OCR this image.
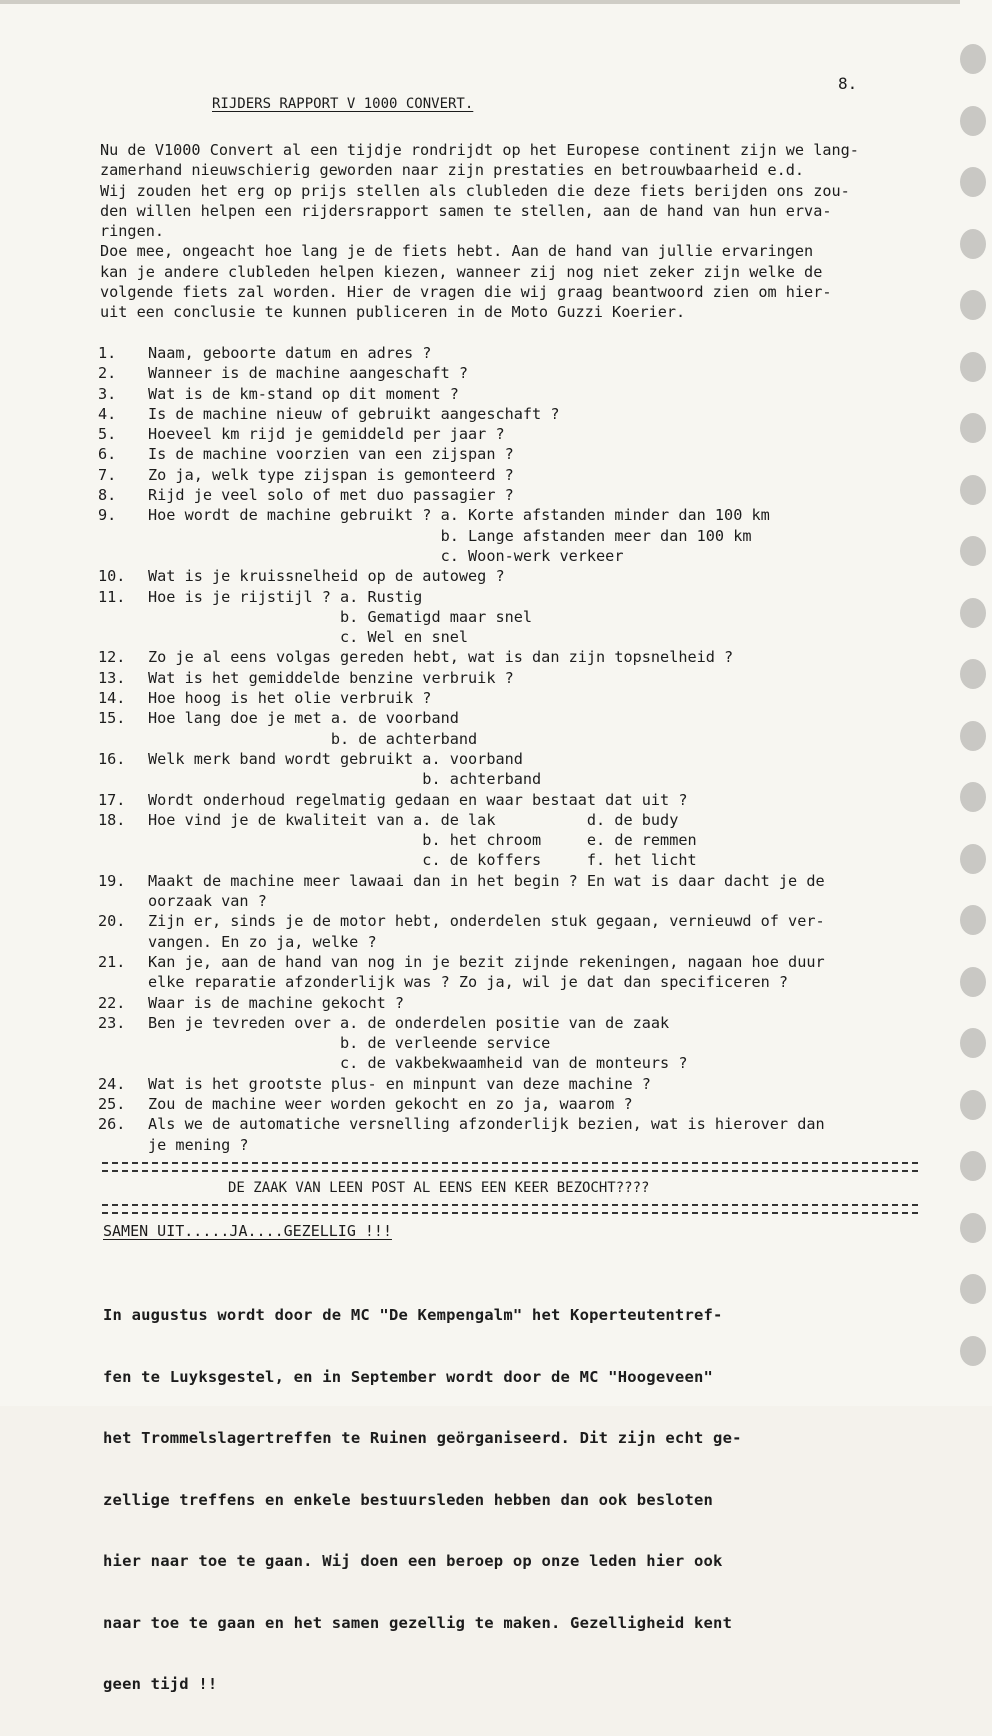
8.
RIJDERS RAPPORT V 1000 CONVERT.
Nu de V1000 Convert al een tijdje rondrijdt op het Europese continent zijn we lang-
zamerhand nieuwschierig geworden naar zijn prestaties en betrouwbaarheid e.d.
Wij zouden het erg op prijs stellen als clubleden die deze fiets berijden ons zou-
den willen helpen een rijdersrapport samen te stellen, aan de hand van hun erva-
ringen.
Doe mee, ongeacht hoe lang je de fiets hebt. Aan de hand van jullie ervaringen
kan je andere clubleden helpen kiezen, wanneer zij nog niet zeker zijn welke de
volgende fiets zal worden. Hier de vragen die wij graag beantwoord zien om hier-
uit een conclusie te kunnen publiceren in de Moto Guzzi Koerier.
1. Naam, geboorte datum en adres ?
2. Wanneer is de machine aangeschaft ?
3. Wat is de km-stand op dit moment ?
4. Is de machine nieuw of gebruikt aangeschaft ?
5. Hoeveel km rijd je gemiddeld per jaar ?
6. Is de machine voorzien van een zijspan ?
7. Zo ja, welk type zijspan is gemonteerd ?
8. Rijd je veel solo of met duo passagier ?
9. Hoe wordt de machine gebruikt ? a. Korte afstanden minder dan 100 km
b. Lange afstanden meer dan 100 km
c. Woon-werk verkeer
10. Wat is je kruissnelheid op de autoweg ?
11. Hoe is je rijstijl ? a. Rustig
b. Gematigd maar snel
c. Wel en snel
12. Zo je al eens volgas gereden hebt, wat is dan zijn topsnelheid ?
13. Wat is het gemiddelde benzine verbruik ?
14. Hoe hoog is het olie verbruik ?
15. Hoe lang doe je met a. de voorband
b. de achterband
16. Welk merk band wordt gebruikt a. voorband
b. achterband
17. Wordt onderhoud regelmatig gedaan en waar bestaat dat uit ?
18. Hoe vind je de kwaliteit van a. de lak          d. de budy
b. het chroom     e. de remmen
c. de koffers     f. het licht
19. Maakt de machine meer lawaai dan in het begin ? En wat is daar dacht je de
oorzaak van ?
20. Zijn er, sinds je de motor hebt, onderdelen stuk gegaan, vernieuwd of ver-
vangen. En zo ja, welke ?
21. Kan je, aan de hand van nog in je bezit zijnde rekeningen, nagaan hoe duur
elke reparatie afzonderlijk was ? Zo ja, wil je dat dan specificeren ?
22. Waar is de machine gekocht ?
23. Ben je tevreden over a. de onderdelen positie van de zaak
b. de verleende service
c. de vakbekwaamheid van de monteurs ?
24. Wat is het grootste plus- en minpunt van deze machine ?
25. Zou de machine weer worden gekocht en zo ja, waarom ?
26. Als we de automatiche versnelling afzonderlijk bezien, wat is hierover dan
je mening ?
DE ZAAK VAN LEEN POST AL EENS EEN KEER BEZOCHT????
SAMEN UIT.....JA....GEZELLIG !!!

In augustus wordt door de MC "De Kempengalm" het Koperteutentref-

fen te Luyksgestel, en in September wordt door de MC "Hoogeveen"

het Trommelslagertreffen te Ruinen geörganiseerd. Dit zijn echt ge-

zellige treffens en enkele bestuursleden hebben dan ook besloten

hier naar toe te gaan. Wij doen een beroep op onze leden hier ook

naar toe te gaan en het samen gezellig te maken. Gezelligheid kent

geen tijd !!
